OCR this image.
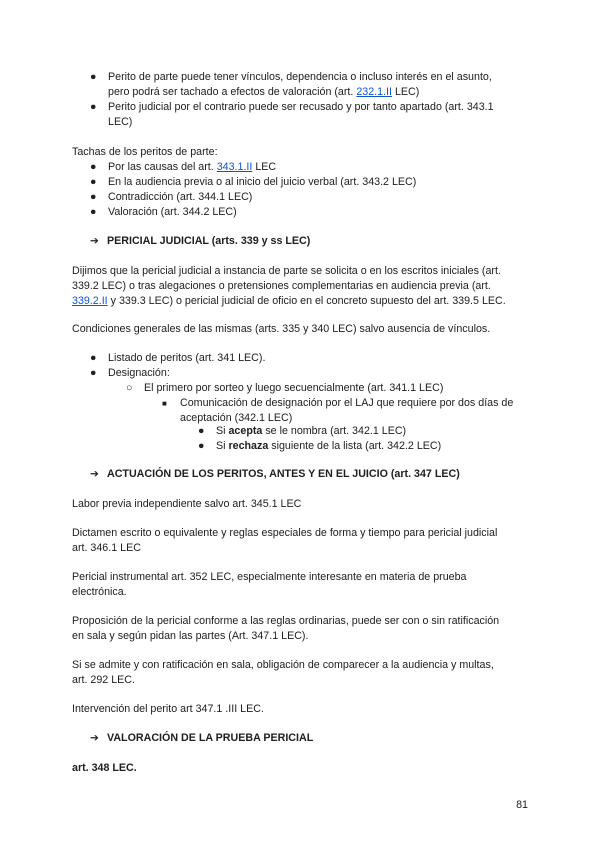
● Perito de parte puede tener vínculos, dependencia o incluso interés en el asunto,
pero podrá ser tachado a efectos de valoración (art. 232.1.II LEC)
● Perito judicial por el contrario puede ser recusado y por tanto apartado (art. 343.1
LEC)

Tachas de los peritos de parte:

● Por las causas del art. 343.1.II LEC
● En la audiencia previa o al inicio del juicio verbal (art. 343.2 LEC)
● Contradicción (art. 344.1 LEC)
● Valoración (art. 344.2 LEC)
➔ PERICIAL JUDICIAL (arts. 339 y ss LEC)
Dijimos que la pericial judicial a instancia de parte se solicita o en los escritos iniciales (art.
339.2 LEC) o tras alegaciones o pretensiones complementarias en audiencia previa (art.
339.2.II y 339.3 LEC) o pericial judicial de oficio en el concreto supuesto del art. 339.5 LEC.

Condiciones generales de las mismas (arts. 335 y 340 LEC) salvo ausencia de vínculos.

● Listado de peritos (art. 341 LEC).
● Designación:
○ El primero por sorteo y luego secuencialmente (art. 341.1 LEC)
■ Comunicación de designación por el LAJ que requiere por dos días de
aceptación (342.1 LEC)
● Si acepta se le nombra (art. 342.1 LEC)
● Si rechaza siguiente de la lista (art. 342.2 LEC)
➔ ACTUACIÓN DE LOS PERITOS, ANTES Y EN EL JUICIO (art. 347 LEC)

Labor previa independiente salvo art. 345.1 LEC

Dictamen escrito o equivalente y reglas especiales de forma y tiempo para pericial judicial
art. 346.1 LEC
Pericial instrumental art. 352 LEC, especialmente interesante en materia de prueba
electrónica.
Proposición de la pericial conforme a las reglas ordinarias, puede ser con o sin ratificación
en sala y según pidan las partes (Art. 347.1 LEC).
Si se admite y con ratificación en sala, obligación de comparecer a la audiencia y multas,
art. 292 LEC.

Intervención del perito art 347.1 .III LEC.

➔ VALORACIÓN DE LA PRUEBA PERICIAL

art. 348 LEC.

81
